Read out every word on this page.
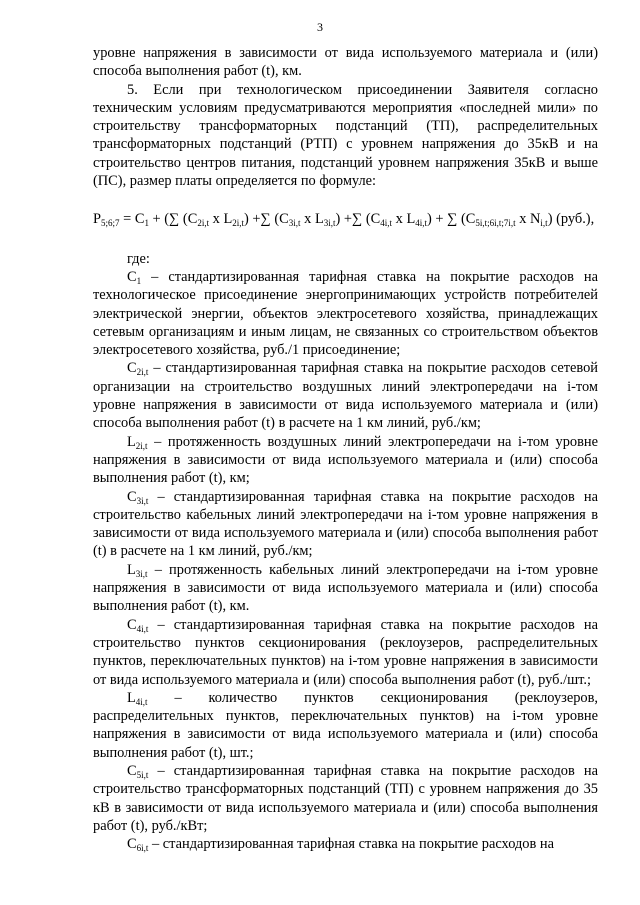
3

уровне напряжения в зависимости от вида используемого материала и (или) способа выполнения работ (t), км.

5. Если при технологическом присоединении Заявителя согласно техническим условиям предусматриваются мероприятия «последней мили» по строительству трансформаторных подстанций (ТП), распределительных трансформаторных подстанций (РТП) с уровнем напряжения до 35кВ и на строительство центров питания, подстанций уровнем напряжения 35кВ и выше (ПС), размер платы определяется по формуле:

$P_{5;6;7} = C_1$ + (∑ ($C_{2i,t}$ x $L_{2i,t}$) +∑ ($C_{3i,t}$ x $L_{3i,t}$) +∑ ($C_{4i,t}$ x $L_{4i,t}$) + ∑ ($C_{5i,t;6i,t;7i,t}$ x $N_{i,t}$) (руб.),

где:

$C_1$ – стандартизированная тарифная ставка на покрытие расходов на технологическое присоединение энергопринимающих устройств потребителей электрической энергии, объектов электросетевого хозяйства, принадлежащих сетевым организациям и иным лицам, не связанных со строительством объектов электросетевого хозяйства, руб./1 присоединение;

$C_{2i,t}$ – стандартизированная тарифная ставка на покрытие расходов сетевой организации на строительство воздушных линий электропередачи на i-том уровне напряжения в зависимости от вида используемого материала и (или) способа выполнения работ (t) в расчете на 1 км линий, руб./км;

$L_{2i,t}$ – протяженность воздушных линий электропередачи на i-том уровне напряжения в зависимости от вида используемого материала и (или) способа выполнения работ (t), км;

$C_{3i,t}$ – стандартизированная тарифная ставка на покрытие расходов на строительство кабельных линий электропередачи на i-том уровне напряжения в зависимости от вида используемого материала и (или) способа выполнения работ (t) в расчете на 1 км линий, руб./км;

$L_{3i,t}$ – протяженность кабельных линий электропередачи на i-том уровне напряжения в зависимости от вида используемого материала и (или) способа выполнения работ (t), км.

$C_{4i,t}$ – стандартизированная тарифная ставка на покрытие расходов на строительство пунктов секционирования (реклоузеров, распределительных пунктов, переключательных пунктов) на i-том уровне напряжения в зависимости от вида используемого материала и (или) способа выполнения работ (t), руб./шт.;

$L_{4i,t}$ – количество пунктов секционирования (реклоузеров, распределительных пунктов, переключательных пунктов) на i-том уровне напряжения в зависимости от вида используемого материала и (или) способа выполнения работ (t), шт.;

$C_{5i,t}$ – стандартизированная тарифная ставка на покрытие расходов на строительство трансформаторных подстанций (ТП) с уровнем напряжения до 35 кВ в зависимости от вида используемого материала и (или) способа выполнения работ (t), руб./кВт;

$C_{6i,t}$ – стандартизированная тарифная ставка на покрытие расходов на
